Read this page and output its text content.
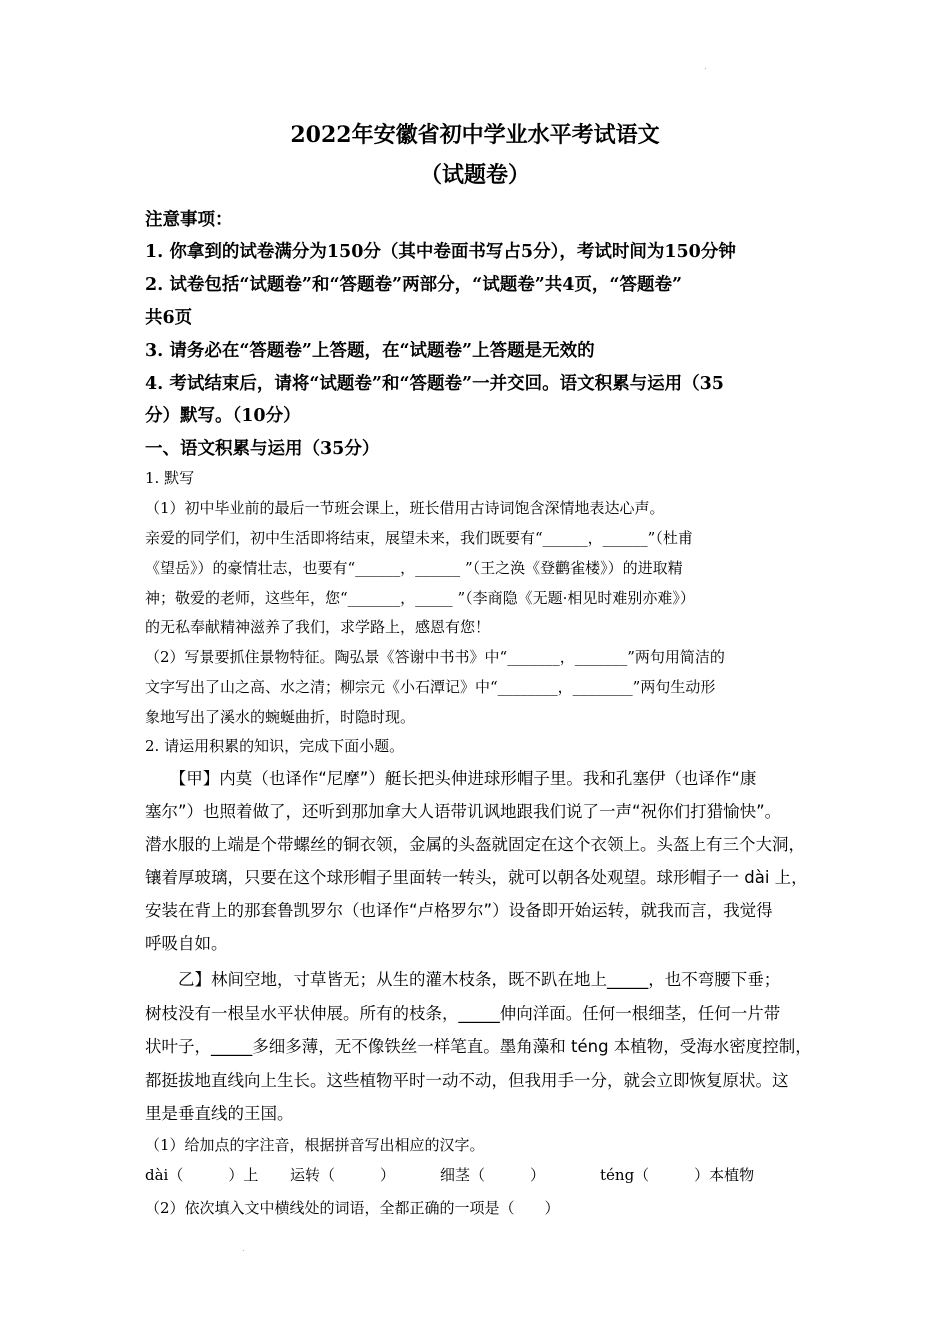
.
2022年安徽省初中学业水平考试语文
（试题卷）
注意事项：
1. 你拿到的试卷满分为150分（其中卷面书写占5分），考试时间为150分钟
2. 试卷包括“试题卷”和“答题卷”两部分，“试题卷”共4页，“答题卷”
共6页
3. 请务必在“答题卷”上答题，在“试题卷”上答题是无效的
4. 考试结束后，请将“试题卷”和“答题卷”一并交回。语文积累与运用（35
分）默写。（10分）
一、语文积累与运用（35分）
1. 默写
（1）初中毕业前的最后一节班会课上，班长借用古诗词饱含深情地表达心声。
亲爱的同学们，初中生活即将结束，展望未来，我们既要有“______，______”（杜甫
《望岳》）的豪情壮志，也要有“______，______ ”（王之涣《登鹳雀楼》）的进取精
神；敬爱的老师，这些年，您“_______，_____ ”（李商隐《无题·相见时难别亦难》）
的无私奉献精神滋养了我们，求学路上，感恩有您！
（2）写景要抓住景物特征。陶弘景《答谢中书书》中“_______，_______”两句用简洁的
文字写出了山之高、水之清；柳宗元《小石潭记》中“________，________”两句生动形
象地写出了溪水的蜿蜒曲折，时隐时现。
2. 请运用积累的知识，完成下面小题。
　　【甲】内莫（也译作“尼摩”）艇长把头伸进球形帽子里。我和孔塞伊（也译作“康
塞尔”）也照着做了，还听到那加拿大人语带讥讽地跟我们说了一声“祝你们打猎愉快”。
潜水服的上端是个带螺丝的铜衣领，金属的头盔就固定在这个衣领上。头盔上有三个大洞，
镶着厚玻璃，只要在这个球形帽子里面转一转头，就可以朝各处观望。球形帽子一 dài 上，
安装在背上的那套鲁凯罗尔（也译作“卢格罗尔”）设备即开始运转，就我而言，我觉得
呼吸自如。
　　乙】林间空地，寸草皆无；从生的灌木枝条，既不趴在地上_____，也不弯腰下垂；
树枝没有一根呈水平状伸展。所有的枝条，_____伸向洋面。任何一根细茎，任何一片带
状叶子，_____多细多薄，无不像铁丝一样笔直。墨角藻和 téng 本植物，受海水密度控制，
都挺拔地直线向上生长。这些植物平时一动不动，但我用手一分，就会立即恢复原状。这
里是垂直线的王国。
（1）给加点的字注音，根据拼音写出相应的汉字。
dài（　　　）上 运转（　　　）	细茎（　　　）	téng（　　　）本植物
（2）依次填入文中横线处的词语，全都正确的一项是（　　）
.
